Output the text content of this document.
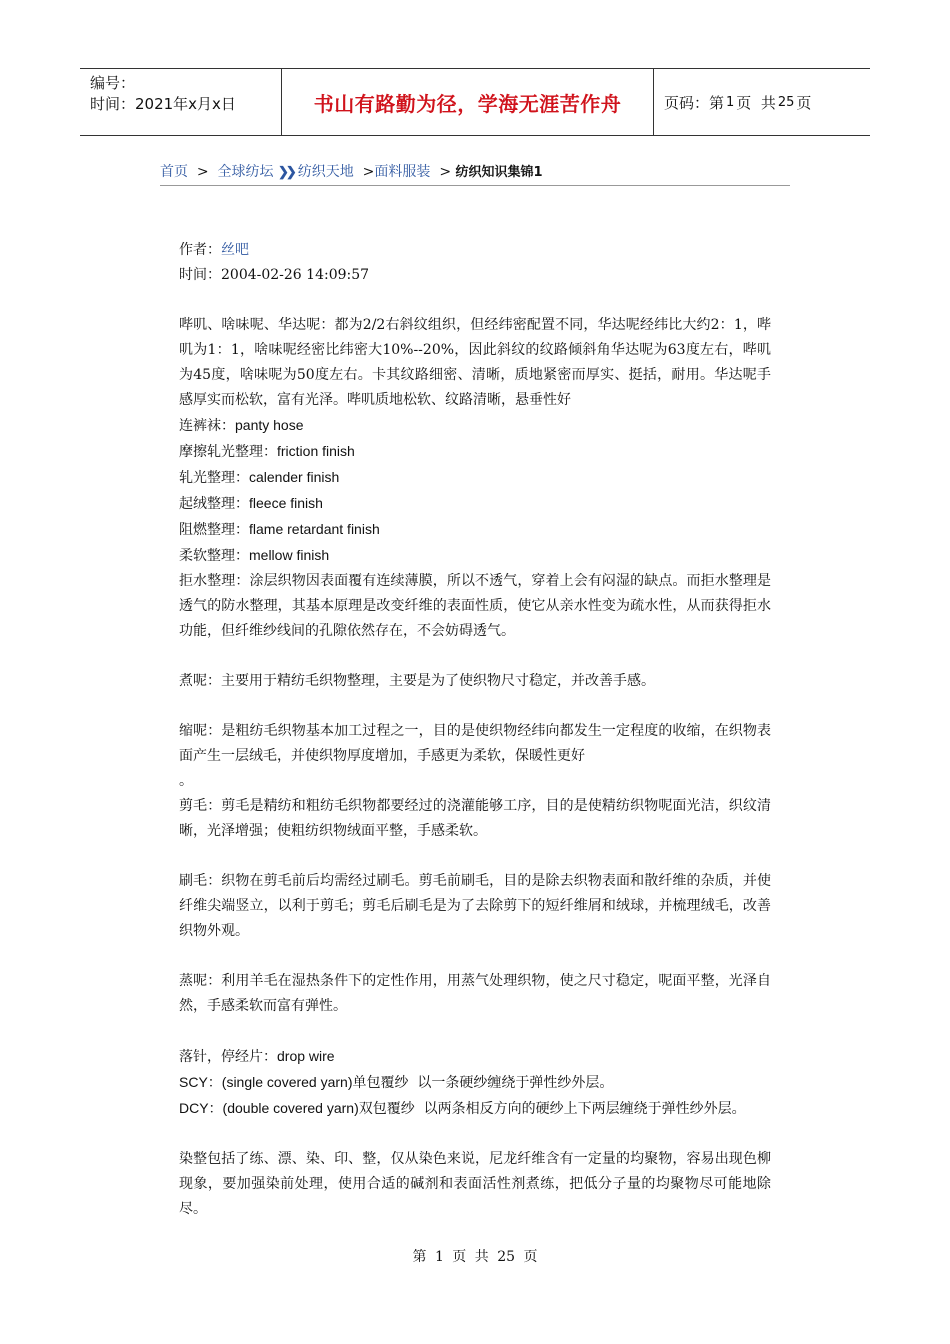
编号：
时间：2021年x月x日	书山有路勤为径，学海无涯苦作舟	页码：第 1 页  共 25 页
首页  >  全球纺坛 ❯❯ 纺织天地  >面料服装  > 纺织知识集锦1

作者：丝吧

时间：2004-02-26 14:09:57

哔叽、啥味呢、华达呢：都为2/2右斜纹组织，但经纬密配置不同，华达呢经纬比大约2：1，哔叽为1：1，啥味呢经密比纬密大10%--20%，因此斜纹的纹路倾斜角华达呢为63度左右，哔叽为45度，啥味呢为50度左右。卡其纹路细密、清晰，质地紧密而厚实、挺括，耐用。华达呢手感厚实而松软，富有光泽。哔叽质地松软、纹路清晰，悬垂性好

连裤袜：panty hose

摩擦轧光整理：friction finish

轧光整理：calender finish

起绒整理：fleece finish

阻燃整理：flame retardant finish

柔软整理：mellow finish

拒水整理：涂层织物因表面覆有连续薄膜，所以不透气，穿着上会有闷湿的缺点。而拒水整理是透气的防水整理，其基本原理是改变纤维的表面性质，使它从亲水性变为疏水性，从而获得拒水功能，但纤维纱线间的孔隙依然存在，不会妨碍透气。

煮呢：主要用于精纺毛织物整理，主要是为了使织物尺寸稳定，并改善手感。

缩呢：是粗纺毛织物基本加工过程之一，目的是使织物经纬向都发生一定程度的收缩，在织物表面产生一层绒毛，并使织物厚度增加，手感更为柔软，保暖性更好

。

剪毛：剪毛是精纺和粗纺毛织物都要经过的浇灌能够工序，目的是使精纺织物呢面光洁，织纹清晰，光泽增强；使粗纺织物绒面平整，手感柔软。

刷毛：织物在剪毛前后均需经过刷毛。剪毛前刷毛，目的是除去织物表面和散纤维的杂质，并使纤维尖端竖立，以利于剪毛；剪毛后刷毛是为了去除剪下的短纤维屑和绒球，并梳理绒毛，改善织物外观。

蒸呢：利用羊毛在湿热条件下的定性作用，用蒸气处理织物，使之尺寸稳定，呢面平整，光泽自然，手感柔软而富有弹性。

落针，停经片：drop wire

SCY：(single covered yarn)单包覆纱  以一条硬纱缠绕于弹性纱外层。

DCY：(double covered yarn)双包覆纱  以两条相反方向的硬纱上下两层缠绕于弹性纱外层。

染整包括了练、漂、染、印、整，仅从染色来说，尼龙纤维含有一定量的均聚物，容易出现色柳现象，要加强染前处理，使用合适的碱剂和表面活性剂煮练，把低分子量的均聚物尽可能地除尽。

第 1 页 共 25 页
